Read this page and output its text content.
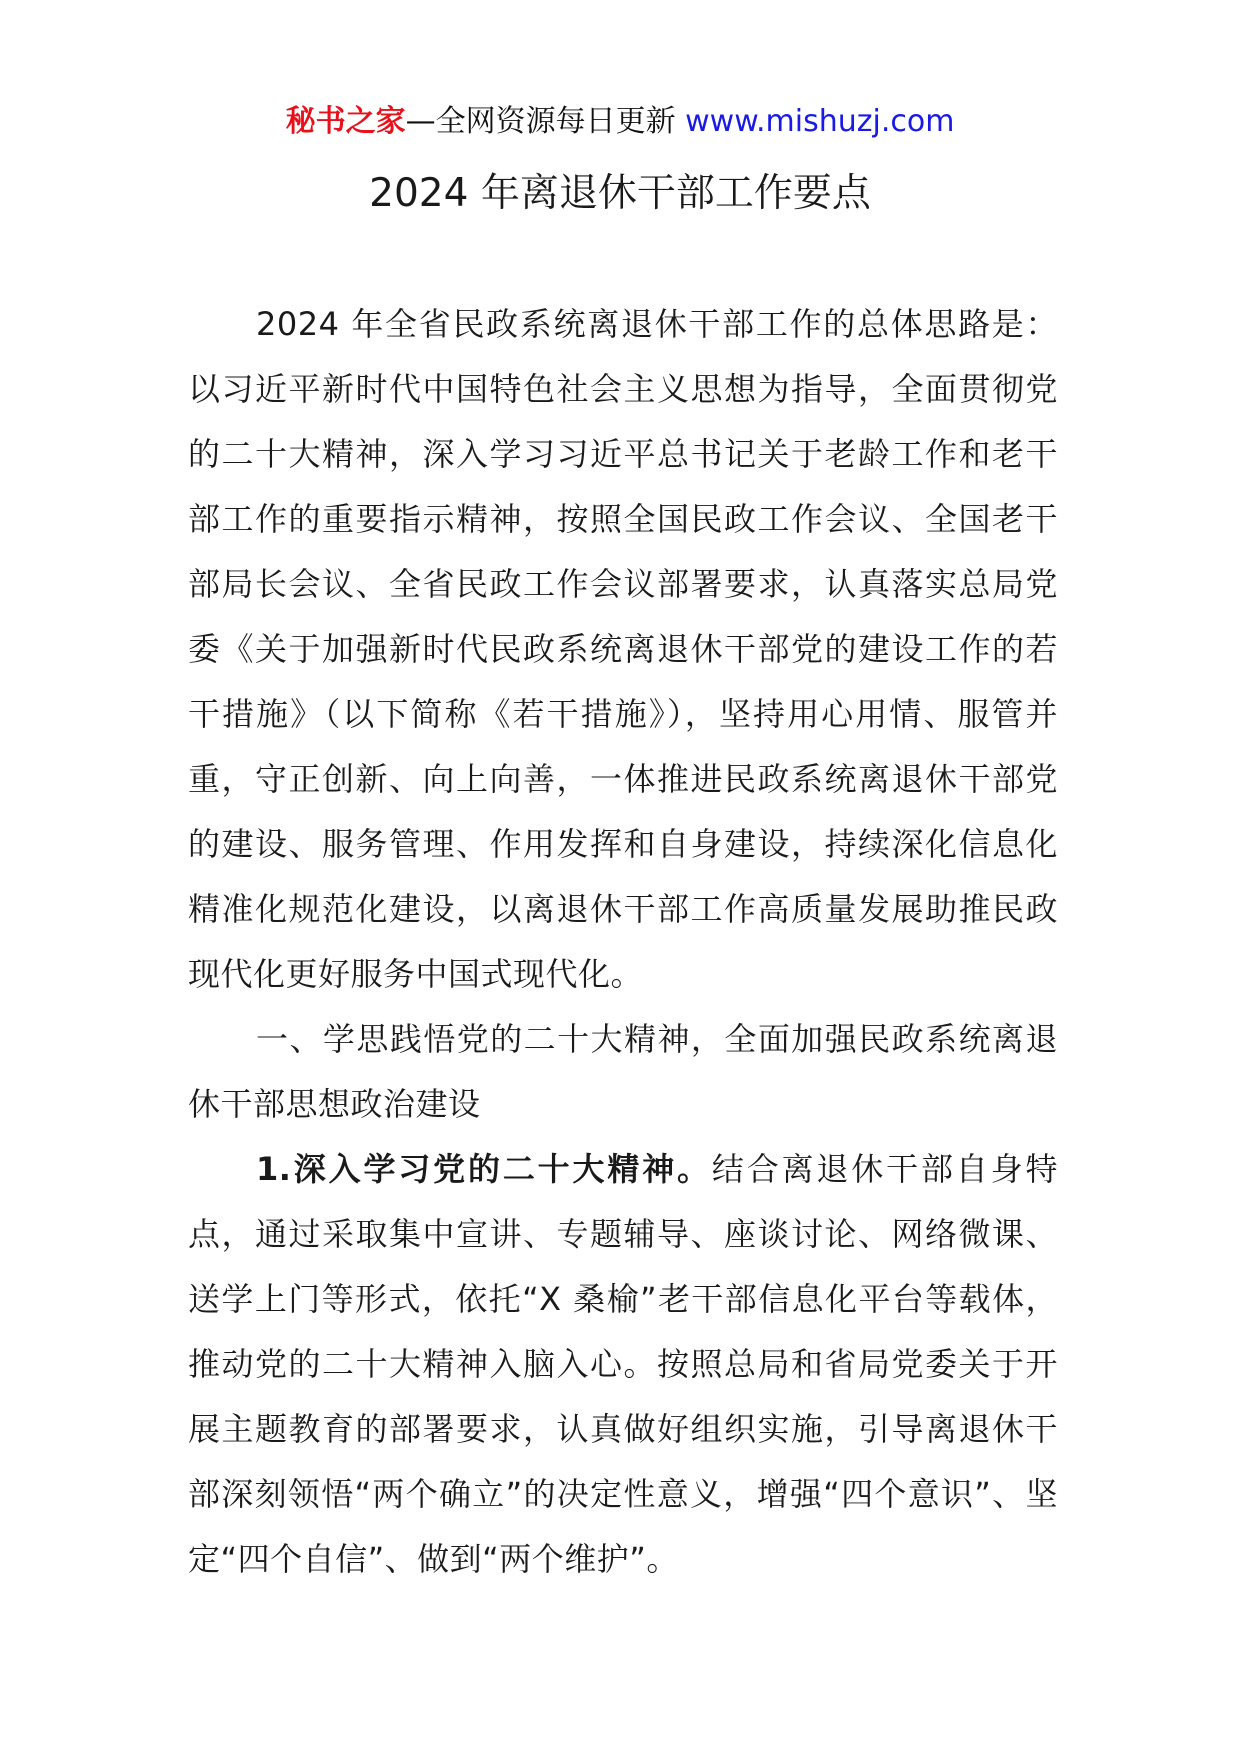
秘书之家—全网资源每日更新 www.mishuzj.com
2024 年离退休干部工作要点

2024 年全省民政系统离退休干部工作的总体思路是：以习近平新时代中国特色社会主义思想为指导，全面贯彻党的二十大精神，深入学习习近平总书记关于老龄工作和老干部工作的重要指示精神，按照全国民政工作会议、全国老干部局长会议、全省民政工作会议部署要求，认真落实总局党委《关于加强新时代民政系统离退休干部党的建设工作的若干措施》（以下简称《若干措施》），坚持用心用情、服管并重，守正创新、向上向善，一体推进民政系统离退休干部党的建设、服务管理、作用发挥和自身建设，持续深化信息化精准化规范化建设，以离退休干部工作高质量发展助推民政现代化更好服务中国式现代化。

一、学思践悟党的二十大精神，全面加强民政系统离退休干部思想政治建设

1.深入学习党的二十大精神。结合离退休干部自身特点，通过采取集中宣讲、专题辅导、座谈讨论、网络微课、送学上门等形式，依托“X 桑榆”老干部信息化平台等载体，推动党的二十大精神入脑入心。按照总局和省局党委关于开展主题教育的部署要求，认真做好组织实施，引导离退休干部深刻领悟“两个确立”的决定性意义，增强“四个意识”、坚定“四个自信”、做到“两个维护”。
